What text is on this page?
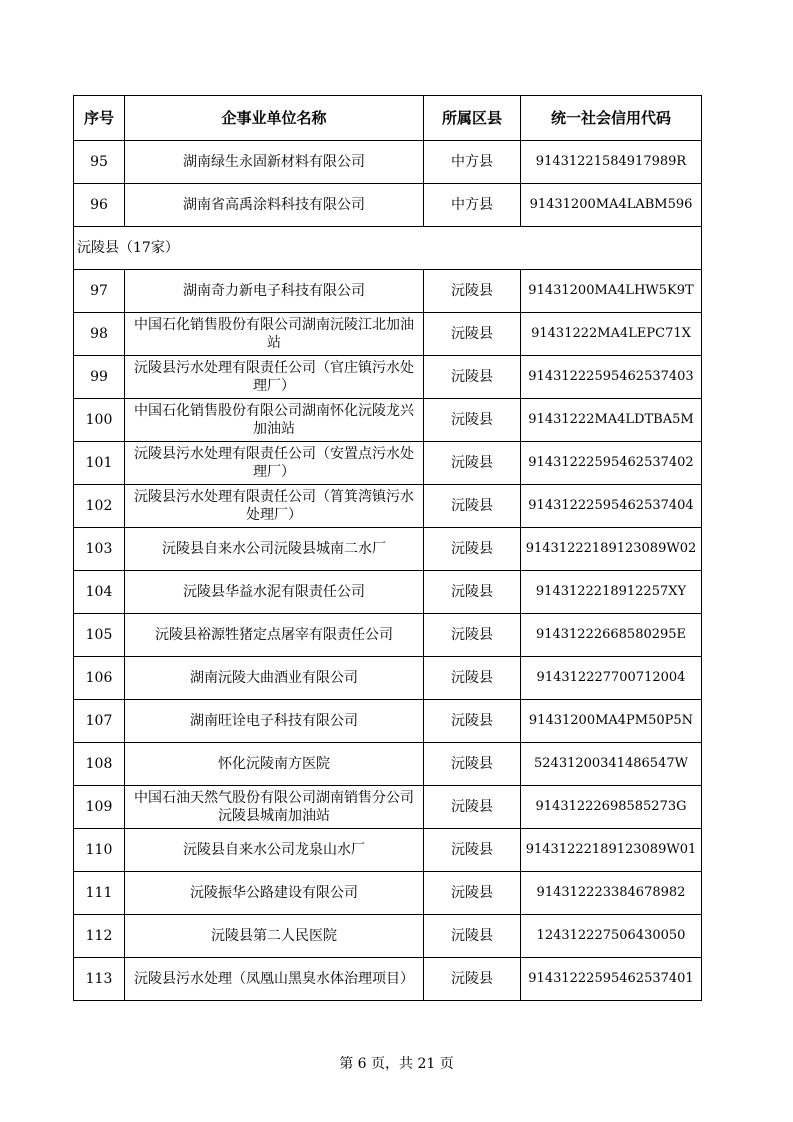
序号	企事业单位名称	所属区县	统一社会信用代码
95	湖南绿生永固新材料有限公司	中方县	91431221584917989R
96	湖南省高禹涂料科技有限公司	中方县	91431200MA4LABM596
沅陵县（17家）			
97	湖南奇力新电子科技有限公司	沅陵县	91431200MA4LHW5K9T
98	中国石化销售股份有限公司湖南沅陵江北加油站	沅陵县	91431222MA4LEPC71X
99	沅陵县污水处理有限责任公司（官庄镇污水处理厂）	沅陵县	91431222595462537403
100	中国石化销售股份有限公司湖南怀化沅陵龙兴加油站	沅陵县	91431222MA4LDTBA5M
101	沅陵县污水处理有限责任公司（安置点污水处理厂）	沅陵县	91431222595462537402
102	沅陵县污水处理有限责任公司（筲箕湾镇污水处理厂）	沅陵县	91431222595462537404
103	沅陵县自来水公司沅陵县城南二水厂	沅陵县	91431222189123089W02
104	沅陵县华益水泥有限责任公司	沅陵县	9143122218912257XY
105	沅陵县裕源牲猪定点屠宰有限责任公司	沅陵县	91431222668580295E
106	湖南沅陵大曲酒业有限公司	沅陵县	914312227700712004
107	湖南旺诠电子科技有限公司	沅陵县	91431200MA4PM50P5N
108	怀化沅陵南方医院	沅陵县	52431200341486547W
109	中国石油天然气股份有限公司湖南销售分公司沅陵县城南加油站	沅陵县	91431222698585273G
110	沅陵县自来水公司龙泉山水厂	沅陵县	91431222189123089W01
111	沅陵振华公路建设有限公司	沅陵县	914312223384678982
112	沅陵县第二人民医院	沅陵县	124312227506430050
113	沅陵县污水处理（凤凰山黑臭水体治理项目）	沅陵县	91431222595462537401
第 6 页，共 21 页
